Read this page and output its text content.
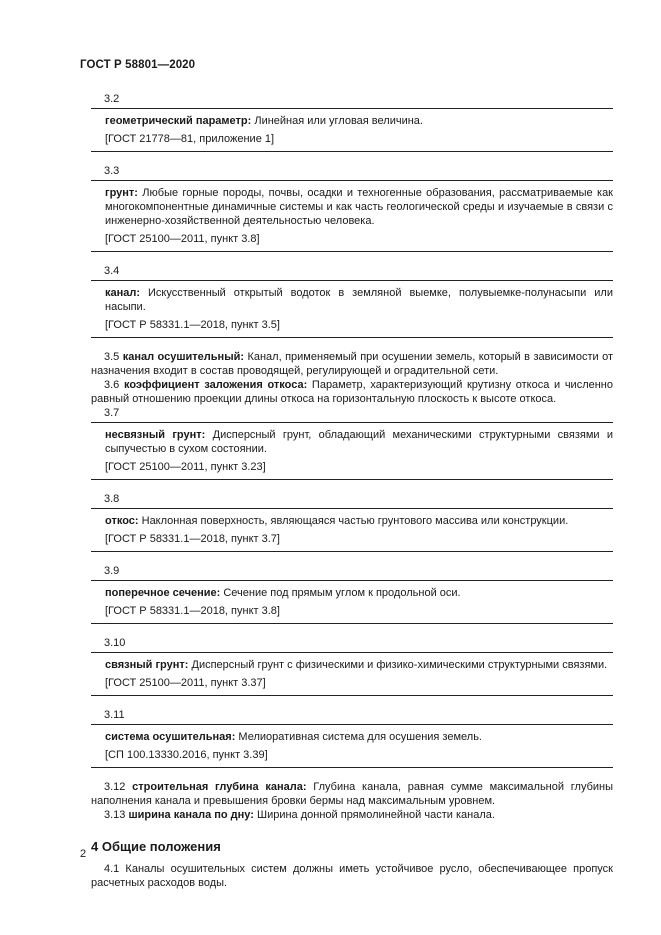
ГОСТ Р 58801—2020
3.2

геометрический параметр: Линейная или угловая величина.

[ГОСТ 21778—81, приложение 1]

3.3

грунт: Любые горные породы, почвы, осадки и техногенные образования, рассматриваемые как многокомпонентные динамичные системы и как часть геологической среды и изучаемые в связи с инженерно-хозяйственной деятельностью человека.

[ГОСТ 25100—2011, пункт 3.8]

3.4

канал: Искусственный открытый водоток в земляной выемке, полувыемке-полунасыпи или насыпи.

[ГОСТ Р 58331.1—2018, пункт 3.5]

3.5 канал осушительный: Канал, применяемый при осушении земель, который в зависимости от назначения входит в состав проводящей, регулирующей и оградительной сети.

3.6 коэффициент заложения откоса: Параметр, характеризующий крутизну откоса и численно равный отношению проекции длины откоса на горизонтальную плоскость к высоте откоса.

3.7

несвязный грунт: Дисперсный грунт, обладающий механическими структурными связями и сыпучестью в сухом состоянии.

[ГОСТ 25100—2011, пункт 3.23]

3.8

откос: Наклонная поверхность, являющаяся частью грунтового массива или конструкции.

[ГОСТ Р 58331.1—2018, пункт 3.7]

3.9

поперечное сечение: Сечение под прямым углом к продольной оси.

[ГОСТ Р 58331.1—2018, пункт 3.8]

3.10

связный грунт: Дисперсный грунт с физическими и физико-химическими структурными связями.

[ГОСТ 25100—2011, пункт 3.37]

3.11

система осушительная: Мелиоративная система для осушения земель.

[СП 100.13330.2016, пункт 3.39]

3.12 строительная глубина канала: Глубина канала, равная сумме максимальной глубины наполнения канала и превышения бровки бермы над максимальным уровнем.

3.13 ширина канала по дну: Ширина донной прямолинейной части канала.

4 Общие положения

4.1 Каналы осушительных систем должны иметь устойчивое русло, обеспечивающее пропуск расчетных расходов воды.

2
